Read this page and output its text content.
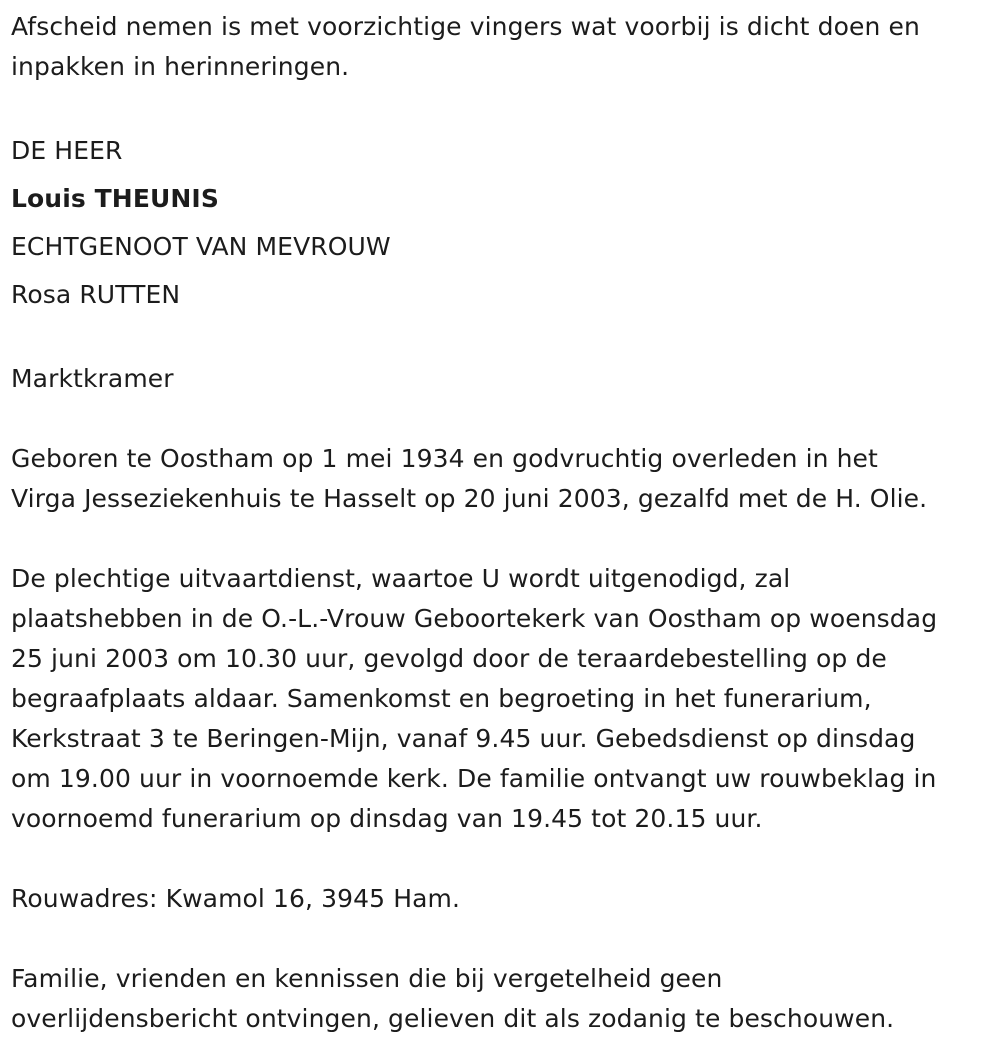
Afscheid nemen is met voorzichtige vingers wat voorbij is dicht doen en
inpakken in herinneringen.

DE HEER

Louis THEUNIS

ECHTGENOOT VAN MEVROUW

Rosa RUTTEN

Marktkramer

Geboren te Oostham op 1 mei 1934 en godvruchtig overleden in het
Virga Jesseziekenhuis te Hasselt op 20 juni 2003, gezalfd met de H. Olie.

De plechtige uitvaartdienst, waartoe U wordt uitgenodigd, zal
plaatshebben in de O.-L.-Vrouw Geboortekerk van Oostham op woensdag
25 juni 2003 om 10.30 uur, gevolgd door de teraardebestelling op de
begraafplaats aldaar. Samenkomst en begroeting in het funerarium,
Kerkstraat 3 te Beringen-Mijn, vanaf 9.45 uur. Gebedsdienst op dinsdag
om 19.00 uur in voornoemde kerk. De familie ontvangt uw rouwbeklag in
voornoemd funerarium op dinsdag van 19.45 tot 20.15 uur.

Rouwadres: Kwamol 16, 3945 Ham.

Familie, vrienden en kennissen die bij vergetelheid geen
overlijdensbericht ontvingen, gelieven dit als zodanig te beschouwen.
